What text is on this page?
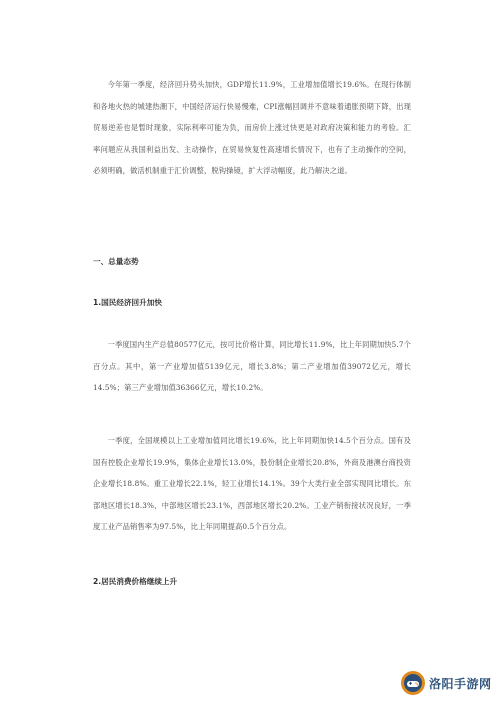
今年第一季度，经济回升势头加快，GDP增长11.9%，工业增加值增长19.6%。在现行体制和各地火热的城建热潮下，中国经济运行快易慢难，CPI涨幅回调并不意味着通胀预期下降，出现贸易逆差也是暂时现象，实际利率可能为负，而房价上涨过快更是对政府决策和能力的考验。汇率问题应从我国利益出发、主动操作，在贸易恢复性高速增长情况下，也有了主动操作的空间，必须明确，做活机制重于汇价调整，脱钩操镜，扩大浮动幅度，此乃解决之道。

一、总量态势
1.国民经济回升加快

一季度国内生产总值80577亿元，按可比价格计算，同比增长11.9%，比上年同期加快5.7个百分点。其中，第一产业增加值5139亿元，增长3.8%；第二产业增加值39072亿元，增长14.5%；第三产业增加值36366亿元，增长10.2%。

一季度，全国规模以上工业增加值同比增长19.6%，比上年同期加快14.5个百分点。国有及国有控股企业增长19.9%，集体企业增长13.0%，股份制企业增长20.8%，外商及港澳台商投资企业增长18.8%。重工业增长22.1%，轻工业增长14.1%。39个大类行业全部实现同比增长。东部地区增长18.3%，中部地区增长23.1%，西部地区增长20.2%。工业产销衔接状况良好，一季度工业产品销售率为97.5%，比上年同期提高0.5个百分点。

2.居民消费价格继续上升
洛阳手游网
